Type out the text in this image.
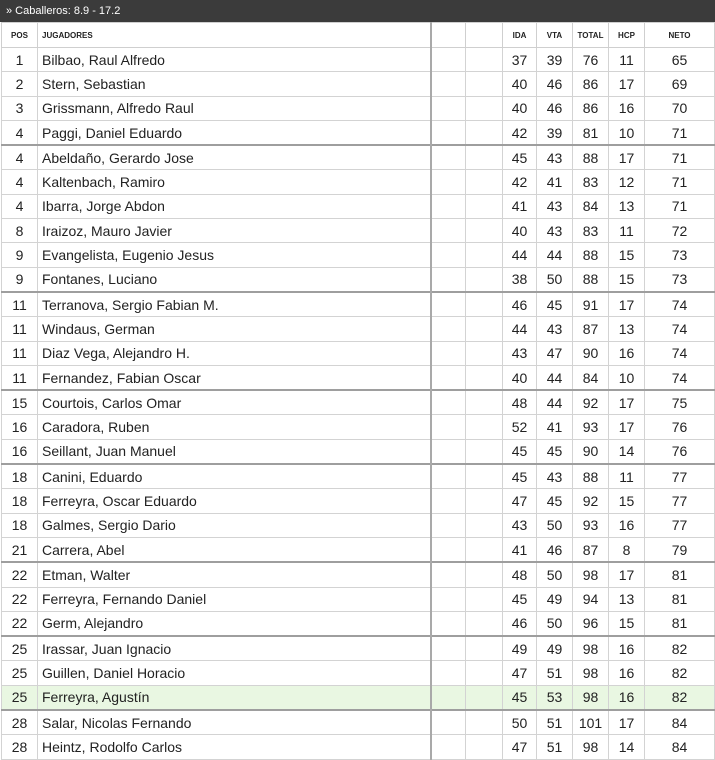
» Caballeros: 8.9 - 17.2
POS	JUGADORES			IDA	VTA	TOTAL	HCP	NETO
1	Bilbao, Raul Alfredo			37	39	76	11	65
2	Stern, Sebastian			40	46	86	17	69
3	Grissmann, Alfredo Raul			40	46	86	16	70
4	Paggi, Daniel Eduardo			42	39	81	10	71
4	Abeldaño, Gerardo Jose			45	43	88	17	71
4	Kaltenbach, Ramiro			42	41	83	12	71
4	Ibarra, Jorge Abdon			41	43	84	13	71
8	Iraizoz, Mauro Javier			40	43	83	11	72
9	Evangelista, Eugenio Jesus			44	44	88	15	73
9	Fontanes, Luciano			38	50	88	15	73
11	Terranova, Sergio Fabian M.			46	45	91	17	74
11	Windaus, German			44	43	87	13	74
11	Diaz Vega, Alejandro H.			43	47	90	16	74
11	Fernandez, Fabian Oscar			40	44	84	10	74
15	Courtois, Carlos Omar			48	44	92	17	75
16	Caradora, Ruben			52	41	93	17	76
16	Seillant, Juan Manuel			45	45	90	14	76
18	Canini, Eduardo			45	43	88	11	77
18	Ferreyra, Oscar Eduardo			47	45	92	15	77
18	Galmes, Sergio Dario			43	50	93	16	77
21	Carrera, Abel			41	46	87	8	79
22	Etman, Walter			48	50	98	17	81
22	Ferreyra, Fernando Daniel			45	49	94	13	81
22	Germ, Alejandro			46	50	96	15	81
25	Irassar, Juan Ignacio			49	49	98	16	82
25	Guillen, Daniel Horacio			47	51	98	16	82
25	Ferreyra, Agustín			45	53	98	16	82
28	Salar, Nicolas Fernando			50	51	101	17	84
28	Heintz, Rodolfo Carlos			47	51	98	14	84
